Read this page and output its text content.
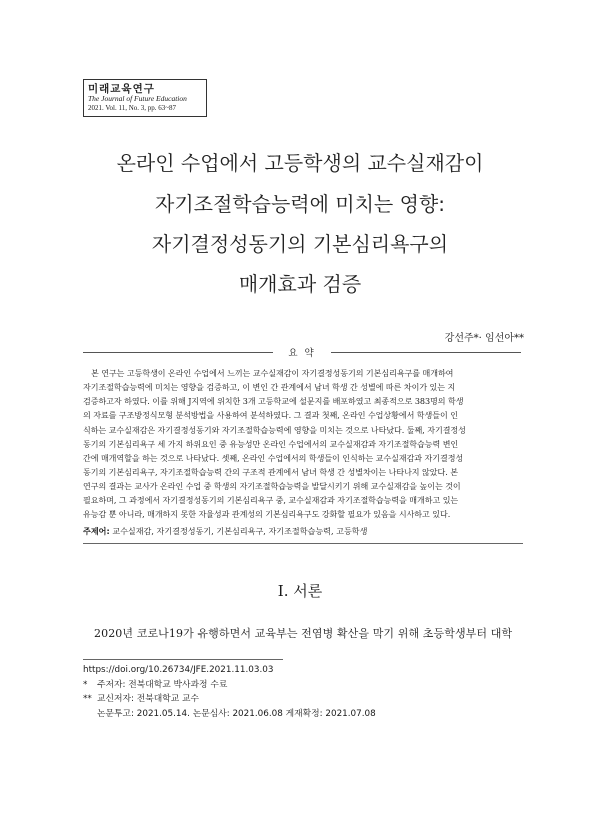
미래교육연구
The Journal of Future Education
2021. Vol. 11, No. 3, pp. 63~87
온라인 수업에서 고등학생의 교수실재감이
자기조절학습능력에 미치는 영향:
자기결정성동기의 기본심리욕구의
매개효과 검증
강선주*· 임선아**
요 약
본 연구는 고등학생이 온라인 수업에서 느끼는 교수실재감이 자기결정성동기의 기본심리욕구를 매개하여
자기조절학습능력에 미치는 영향을 검증하고, 이 변인 간 관계에서 남녀 학생 간 성별에 따른 차이가 있는 지
검증하고자 하였다. 이를 위해 J지역에 위치한 3개 고등학교에 설문지를 배포하였고 최종적으로 383명의 학생
의 자료를 구조방정식모형 분석방법을 사용하여 분석하였다. 그 결과 첫째, 온라인 수업상황에서 학생들이 인
식하는 교수실재감은 자기결정성동기와 자기조절학습능력에 영향을 미치는 것으로 나타났다. 둘째, 자기결정성
동기의 기본심리욕구 세 가지 하위요인 중 유능성만 온라인 수업에서의 교수실재감과 자기조절학습능력 변인
간에 매개역할을 하는 것으로 나타났다. 셋째, 온라인 수업에서의 학생들이 인식하는 교수실재감과 자기결정성
동기의 기본심리욕구, 자기조절학습능력 간의 구조적 관계에서 남녀 학생 간 성별차이는 나타나지 않았다. 본
연구의 결과는 교사가 온라인 수업 중 학생의 자기조절학습능력을 발달시키기 위해 교수실재감을 높이는 것이
필요하며, 그 과정에서 자기결정성동기의 기본심리욕구 중, 교수실재감과 자기조절학습능력을 매개하고 있는
유능감 뿐 아니라, 매개하지 못한 자율성과 관계성의 기본심리욕구도 강화할 필요가 있음을 시사하고 있다.
주제어: 교수실재감, 자기결정성동기, 기본심리욕구, 자기조절학습능력, 고등학생
I. 서론
2020년 코로나19가 유행하면서 교육부는 전염병 확산을 막기 위해 초등학생부터 대학
https://doi.org/10.26734/JFE.2021.11.03.03
* 주저자: 전북대학교 박사과정 수료
** 교신저자: 전북대학교 교수
논문투고: 2021.05.14. 논문심사: 2021.06.08 게재확정: 2021.07.08
